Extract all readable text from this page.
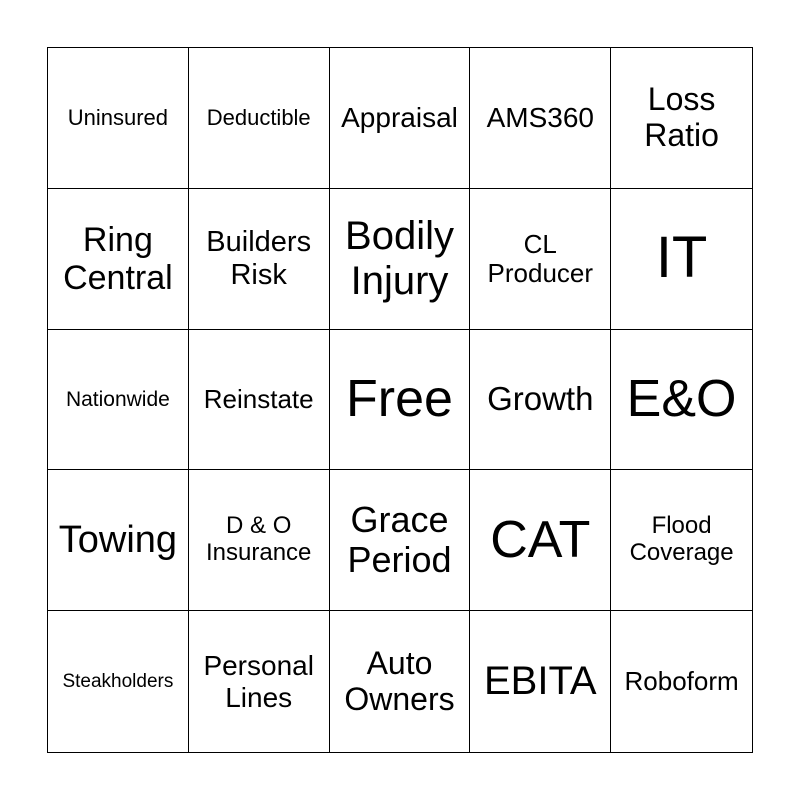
Uninsured Deductible Appraisal AMS360
Loss
Ratio
Ring
Central
Builders
Risk
Bodily
Injury
CL
Producer IT
Nationwide Reinstate Free Growth E&O
Towing	D & O
Insurance
Grace
Period CAT	Flood
Coverage
Steakholders
Personal
Lines
Auto
Owners EBITA Roboform
